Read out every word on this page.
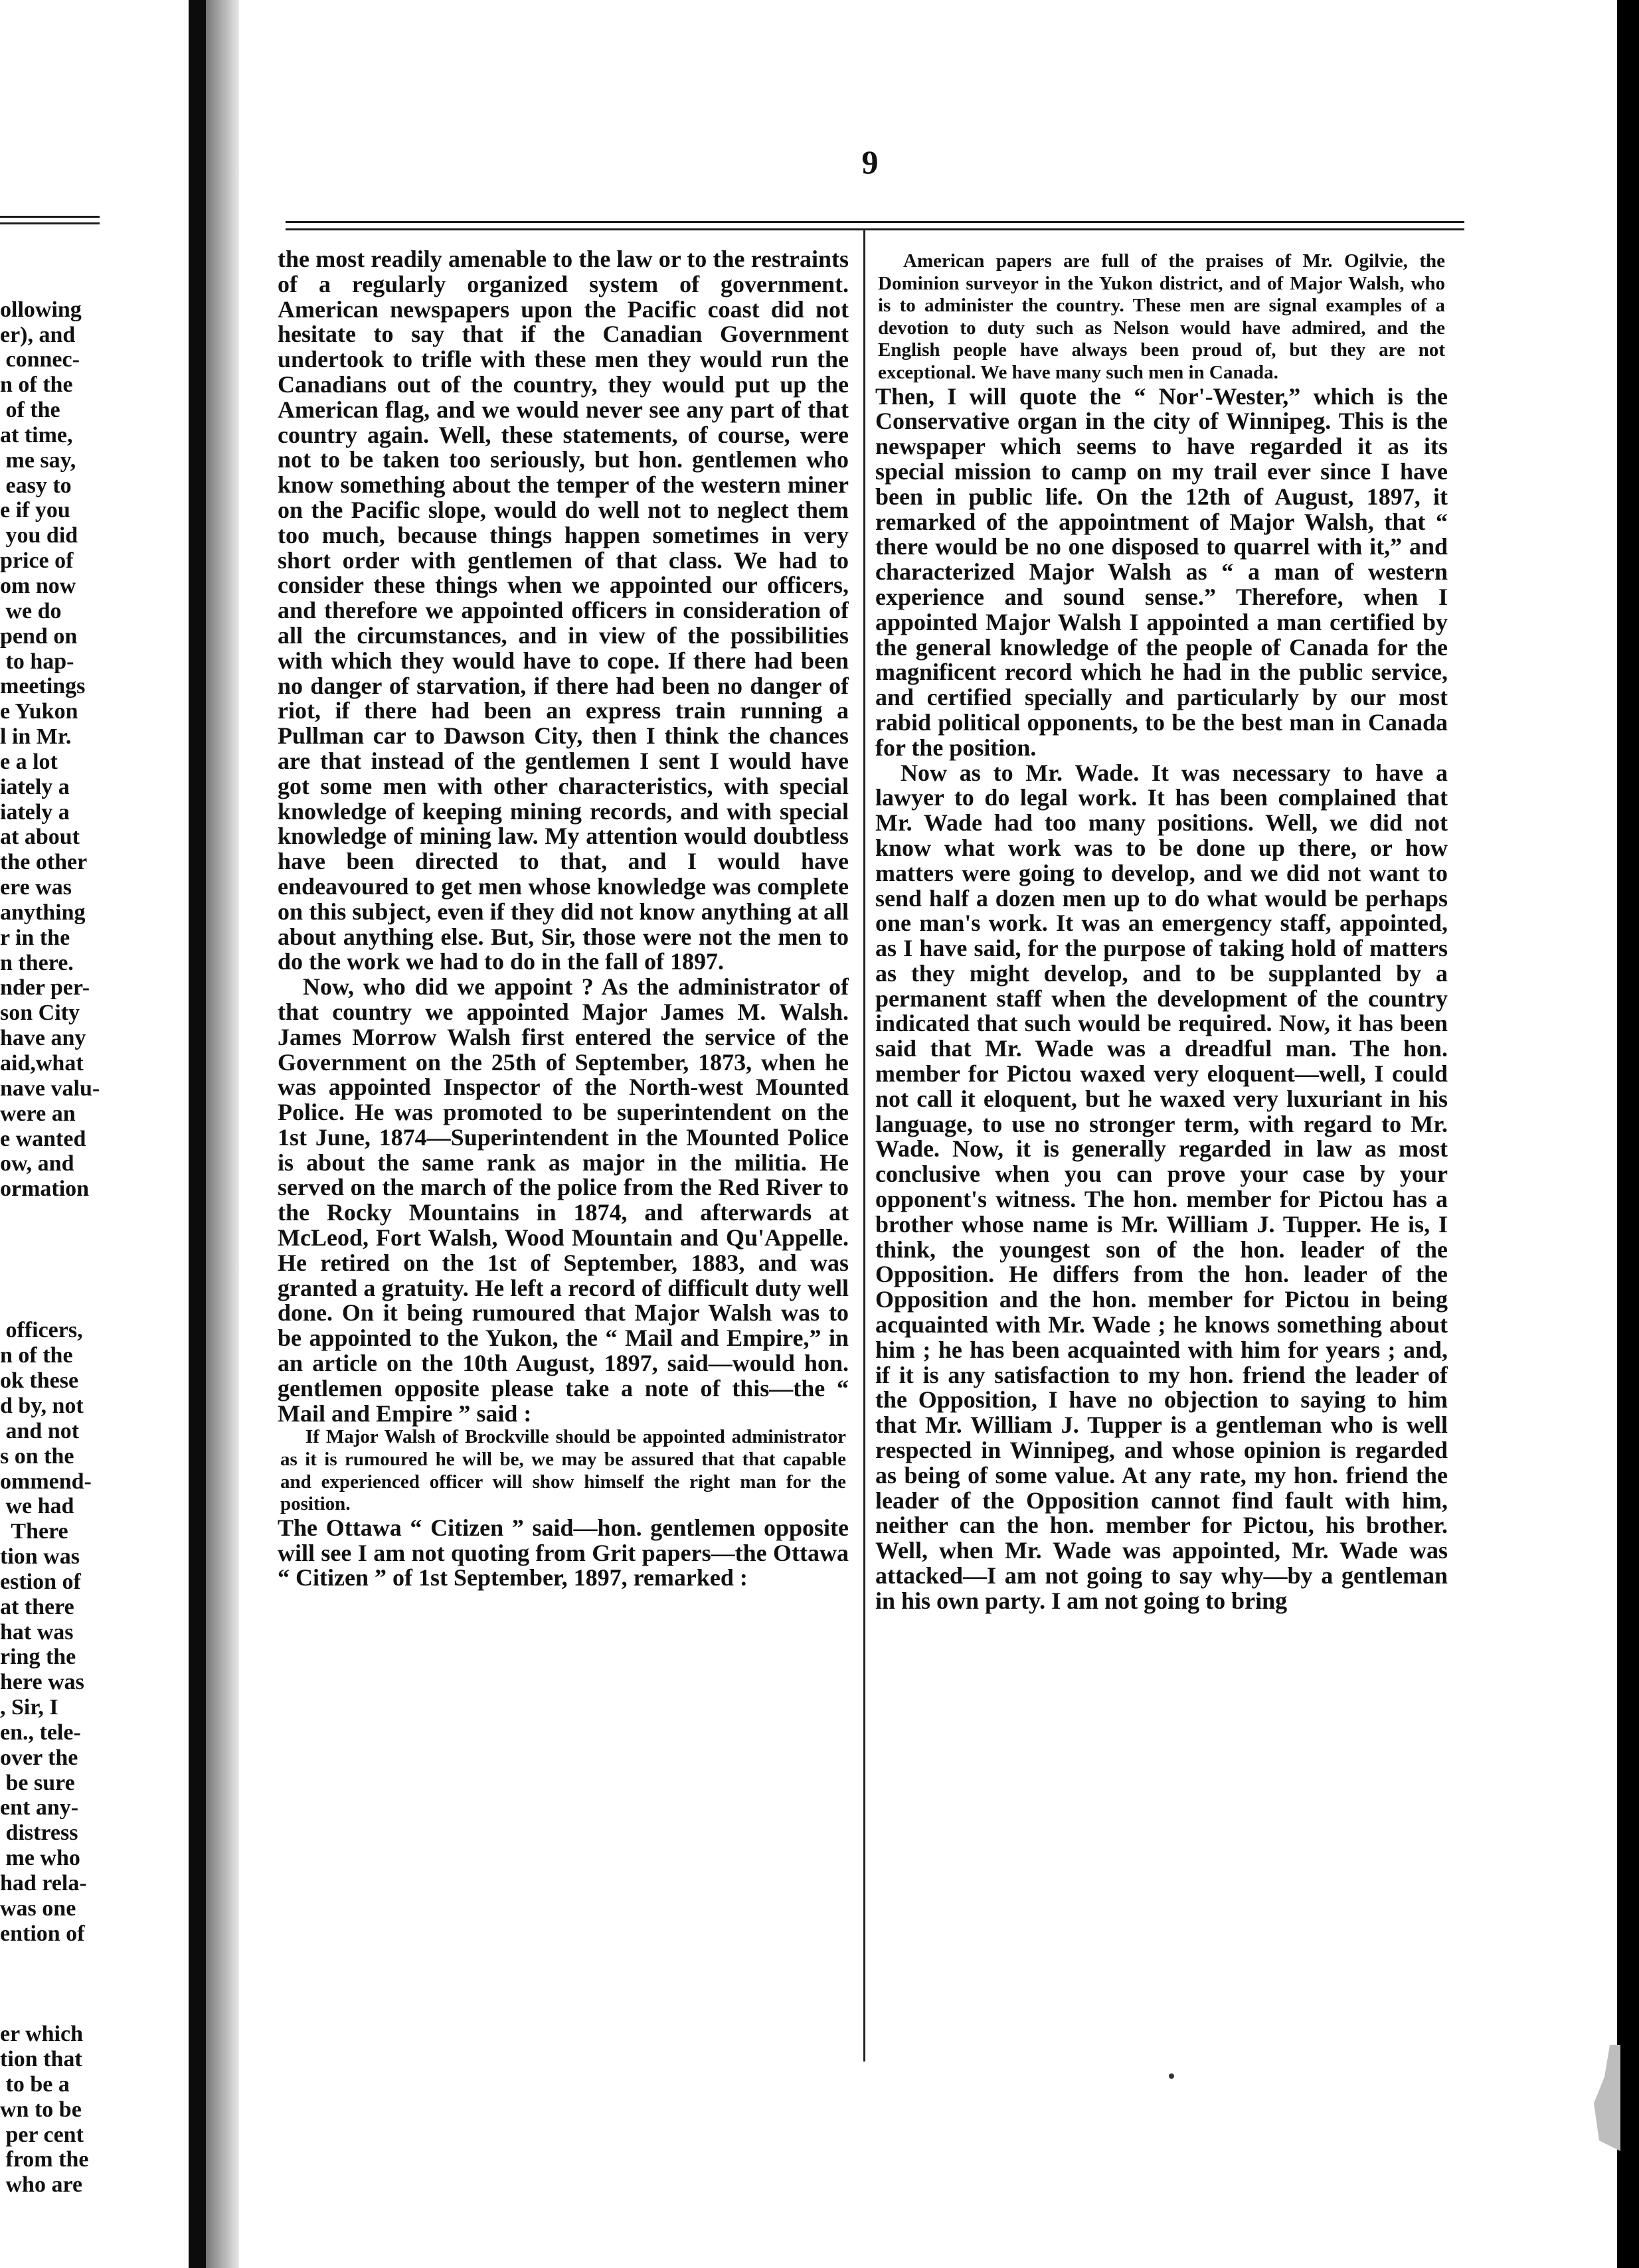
ollowing
er), and
connec-
n of the
of the
at time,
me say,
easy to
e if you
you did
price of
om now
we do
pend on
to hap-
meetings
e Yukon
l in Mr.
e a lot
iately a
iately a
at about
the other
ere was
anything
r in the
n there.
nder per-
son City
have any
aid,what
nave valu-
were an
e wanted
ow, and
ormation

officers,
n of the
ok these
d by, not
and not
s on the
ommend-
we had
There
tion was
estion of
at there
hat was
ring the
here was
, Sir, I
en., tele-
over the
be sure
ent any-
distress
me who
had rela-
was one
ention of

er which
tion that
to be a
wn to be
per cent
from the
who are

9

the most readily amenable to the law or to the restraints of a regularly organized system of government. American newspapers upon the Pacific coast did not hesitate to say that if the Canadian Government undertook to trifle with these men they would run the Canadians out of the country, they would put up the American flag, and we would never see any part of that country again. Well, these statements, of course, were not to be taken too seriously, but hon. gentlemen who know something about the temper of the western miner on the Pacific slope, would do well not to neglect them too much, because things happen sometimes in very short order with gentlemen of that class. We had to consider these things when we appointed our officers, and therefore we appointed officers in consideration of all the circumstances, and in view of the possibilities with which they would have to cope. If there had been no danger of starvation, if there had been no danger of riot, if there had been an express train running a Pullman car to Dawson City, then I think the chances are that instead of the gentlemen I sent I would have got some men with other characteristics, with special knowledge of keeping mining records, and with special knowledge of mining law. My attention would doubtless have been directed to that, and I would have endeavoured to get men whose knowledge was complete on this subject, even if they did not know anything at all about anything else. But, Sir, those were not the men to do the work we had to do in the fall of 1897.

Now, who did we appoint ? As the administrator of that country we appointed Major James M. Walsh. James Morrow Walsh first entered the service of the Government on the 25th of September, 1873, when he was appointed Inspector of the North-west Mounted Police. He was promoted to be superintendent on the 1st June, 1874—Superintendent in the Mounted Police is about the same rank as major in the militia. He served on the march of the police from the Red River to the Rocky Mountains in 1874, and afterwards at McLeod, Fort Walsh, Wood Mountain and Qu'Appelle. He retired on the 1st of September, 1883, and was granted a gratuity. He left a record of difficult duty well done. On it being rumoured that Major Walsh was to be appointed to the Yukon, the “ Mail and Empire,” in an article on the 10th August, 1897, said—would hon. gentlemen opposite please take a note of this—the “ Mail and Empire ” said :

If Major Walsh of Brockville should be appointed administrator as it is rumoured he will be, we may be assured that that capable and experienced officer will show himself the right man for the position.

The Ottawa “ Citizen ” said—hon. gentlemen opposite will see I am not quoting from Grit papers—the Ottawa “ Citizen ” of 1st September, 1897, remarked :

American papers are full of the praises of Mr. Ogilvie, the Dominion surveyor in the Yukon district, and of Major Walsh, who is to administer the country. These men are signal examples of a devotion to duty such as Nelson would have admired, and the English people have always been proud of, but they are not exceptional. We have many such men in Canada.

Then, I will quote the “ Nor'-Wester,” which is the Conservative organ in the city of Winnipeg. This is the newspaper which seems to have regarded it as its special mission to camp on my trail ever since I have been in public life. On the 12th of August, 1897, it remarked of the appointment of Major Walsh, that “ there would be no one disposed to quarrel with it,” and characterized Major Walsh as “ a man of western experience and sound sense.” Therefore, when I appointed Major Walsh I appointed a man certified by the general knowledge of the people of Canada for the magnificent record which he had in the public service, and certified specially and particularly by our most rabid political opponents, to be the best man in Canada for the position.

Now as to Mr. Wade. It was necessary to have a lawyer to do legal work. It has been complained that Mr. Wade had too many positions. Well, we did not know what work was to be done up there, or how matters were going to develop, and we did not want to send half a dozen men up to do what would be perhaps one man's work. It was an emergency staff, appointed, as I have said, for the purpose of taking hold of matters as they might develop, and to be supplanted by a permanent staff when the development of the country indicated that such would be required. Now, it has been said that Mr. Wade was a dreadful man. The hon. member for Pictou waxed very eloquent—well, I could not call it eloquent, but he waxed very luxuriant in his language, to use no stronger term, with regard to Mr. Wade. Now, it is generally regarded in law as most conclusive when you can prove your case by your opponent's witness. The hon. member for Pictou has a brother whose name is Mr. William J. Tupper. He is, I think, the youngest son of the hon. leader of the Opposition. He differs from the hon. leader of the Opposition and the hon. member for Pictou in being acquainted with Mr. Wade ; he knows something about him ; he has been acquainted with him for years ; and, if it is any satisfaction to my hon. friend the leader of the Opposition, I have no objection to saying to him that Mr. William J. Tupper is a gentleman who is well respected in Winnipeg, and whose opinion is regarded as being of some value. At any rate, my hon. friend the leader of the Opposition cannot find fault with him, neither can the hon. member for Pictou, his brother. Well, when Mr. Wade was appointed, Mr. Wade was attacked—I am not going to say why—by a gentleman in his own party. I am not going to bring
